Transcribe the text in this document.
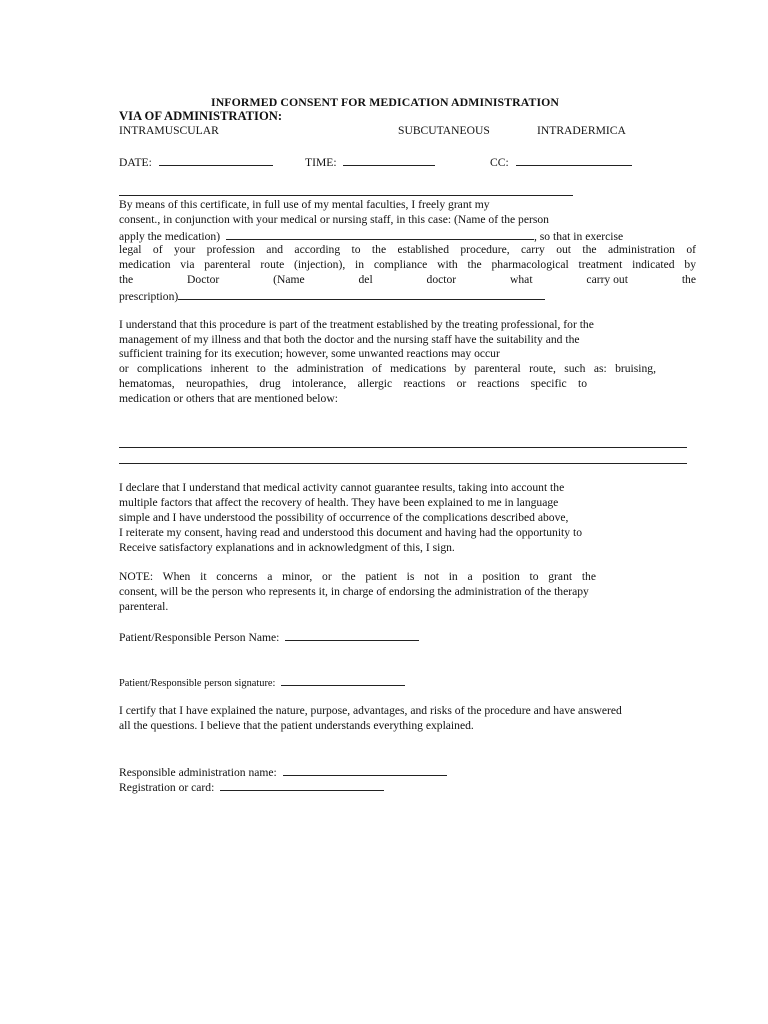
INFORMED CONSENT FOR MEDICATION ADMINISTRATION
VIA OF ADMINISTRATION:
INTRAMUSCULAR	SUBCUTANEOUS	INTRADERMICA
DATE:	TIME:	CC:
By means of this certificate, in full use of my mental faculties, I freely grant my
consent., in conjunction with your medical or nursing staff, in this case: (Name of the person
apply the medication)	, so that in exercise
legal of your profession and according to the established procedure, carry out the administration of
medication via parenteral route (injection), in compliance with the pharmacological treatment indicated by
the	Doctor	(Name	del	doctor	what	carry out	the
prescription)
I understand that this procedure is part of the treatment established by the treating professional, for the
management of my illness and that both the doctor and the nursing staff have the suitability and the
sufficient training for its execution; however, some unwanted reactions may occur
or complications inherent to the administration of medications by parenteral route, such as: bruising,
hematomas, neuropathies, drug intolerance, allergic reactions or reactions specific to
medication or others that are mentioned below:
I declare that I understand that medical activity cannot guarantee results, taking into account the
multiple factors that affect the recovery of health. They have been explained to me in language
simple and I have understood the possibility of occurrence of the complications described above,
I reiterate my consent, having read and understood this document and having had the opportunity to
Receive satisfactory explanations and in acknowledgment of this, I sign.
NOTE: When it concerns a minor, or the patient is not in a position to grant the
consent, will be the person who represents it, in charge of endorsing the administration of the therapy
parenteral.
Patient/Responsible Person Name:
Patient/Responsible person signature:
I certify that I have explained the nature, purpose, advantages, and risks of the procedure and have answered
all the questions. I believe that the patient understands everything explained.
Responsible administration name:
Registration or card:
